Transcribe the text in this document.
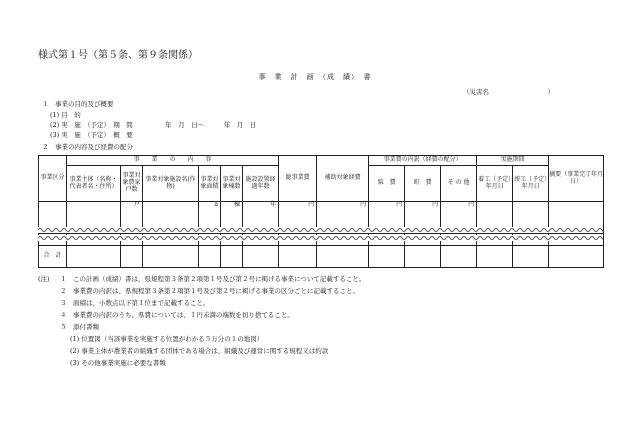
様式第１号（第５条、第９条関係）
事　業　計　画　（成　績）　書
（災害名　　　　　　　　　）
１　事業の目的及び概要
(1) 目　的
(2) 実　施　（予定）　期　間　　　　　年　月　日～　　　年　月　日
(3) 実　施　（予定）　概　要
２　事業の内容及び経費の配分
事業区分	事　　業　　の　　内　　容						総事業費	補助対象経費	事業費の内訳（経費の配分）			実施期間		摘要（事業完了年月日）
	事業主体（名称・代表者名・住所）	事業対象農家戸数	事業対象施設名(作物)	事業対象面積	事業対象棟数	施設設置経過年数			県　費	町　費	そ の 他	着工（予定）年月日	竣工（予定）年月日	
		戸		a	棟	年	円	円	円	円	円			

合　計														
(注) １　この計画（成績）書は、県規程第３条第２項第１号及び第２号に掲げる事業について記載すること。
２　事業費の内訳は、県規程第３条第２項第１号及び第２号に掲げる事業の区分ごとに記載すること。
３　面積は、小数点以下第１位まで記載すること。
４　事業費の内訳のうち、県費については、１円未満の端数を切り捨てること。
５　添付書類
(1) 位置図（当該事業を実施する位置がわかる５万分の１の地図）
(2) 事業主体が農業者の組織する団体である場合は、組織及び運営に関する規程又は約款
(3) その他事業実施に必要な書類
